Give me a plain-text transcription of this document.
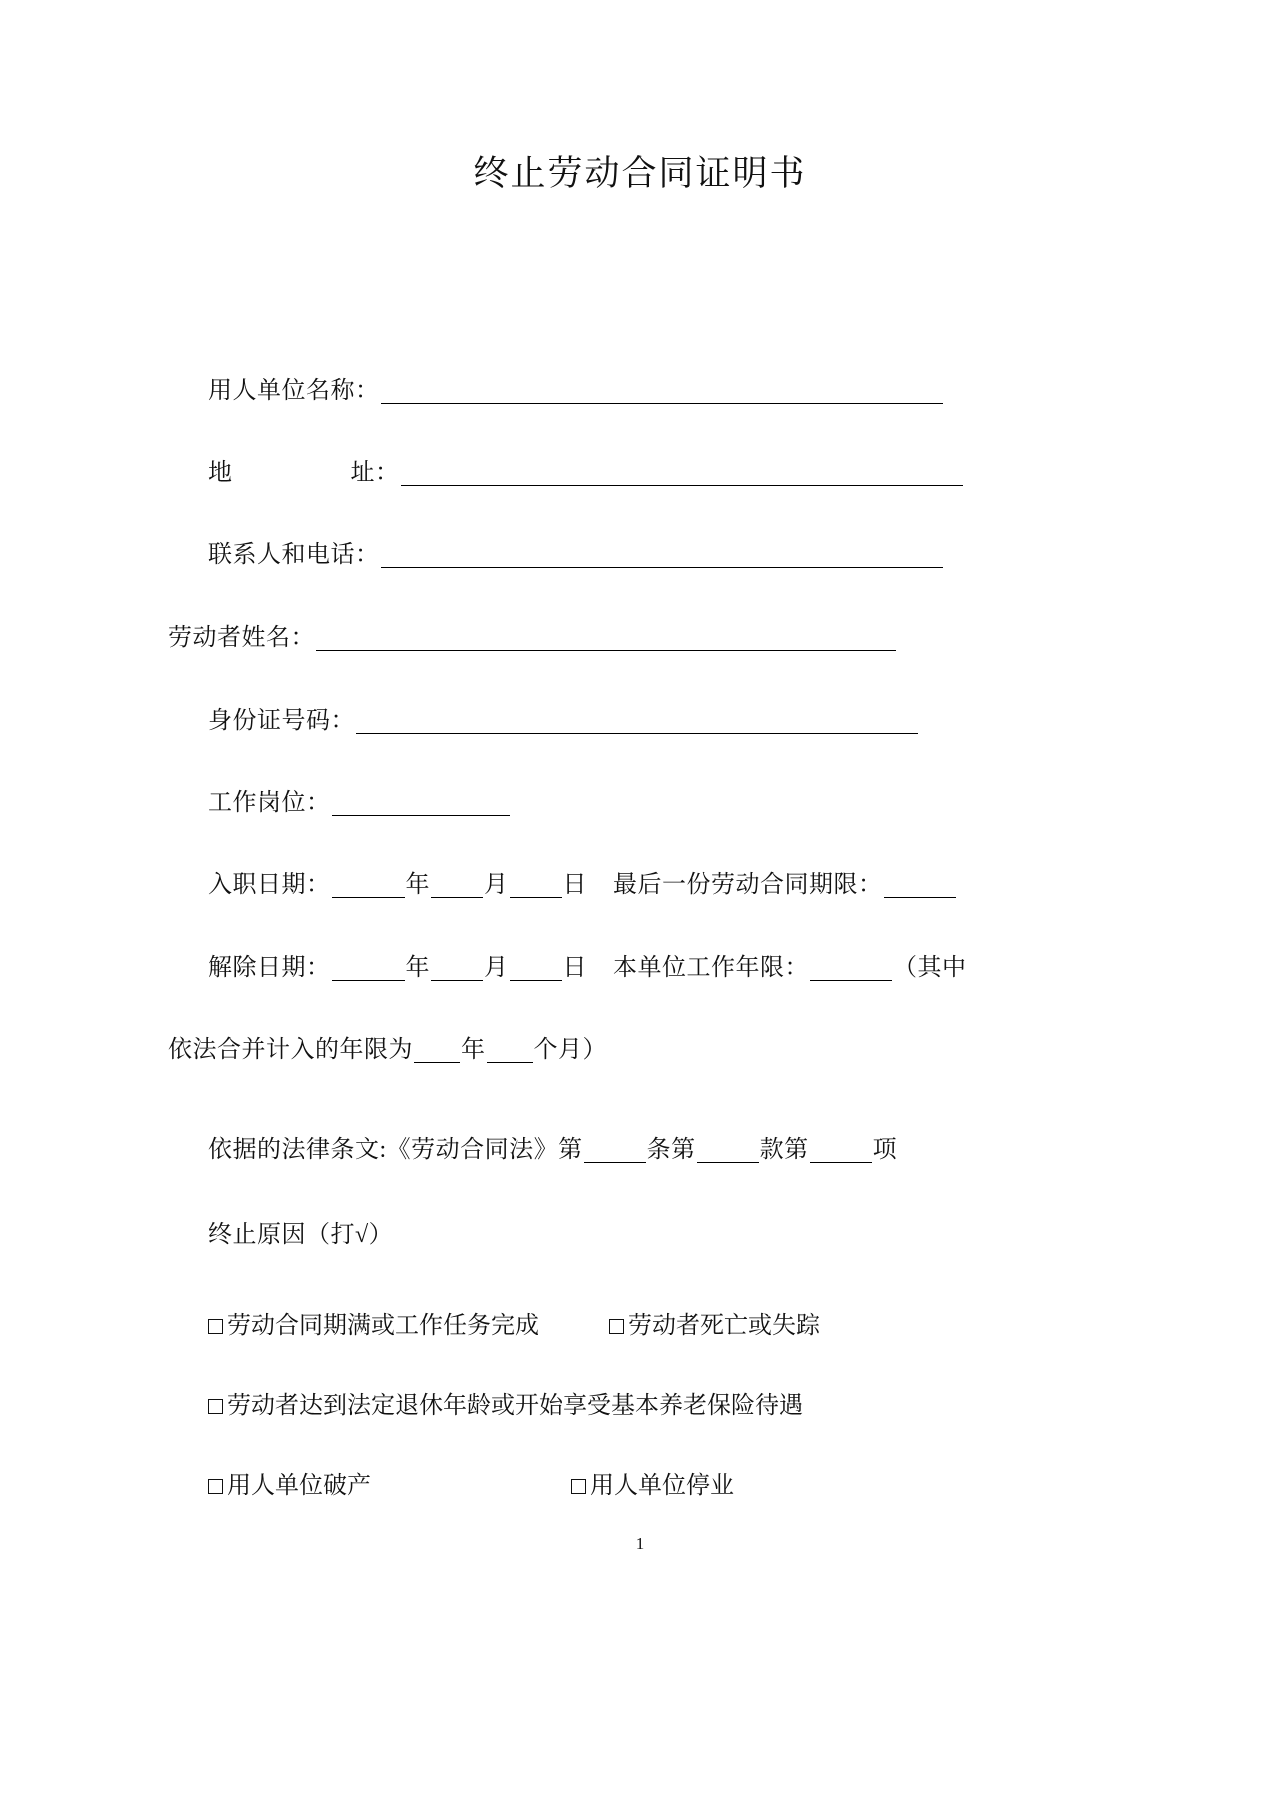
终止劳动合同证明书
用人单位名称：
地	址：
联系人和电话：
劳动者姓名：
身份证号码：
工作岗位：
入职日期：	年 月 日 最后一份劳动合同期限：
解除日期：	年 月 日 本单位工作年限：	（其中
依法合并计入的年限为 年 个月）
依据的法律条文:《劳动合同法》第	条第	款第	项
终止原因（打√）
劳动合同期满或工作任务完成	劳动者死亡或失踪
劳动者达到法定退休年龄或开始享受基本养老保险待遇
用人单位破产	用人单位停业
1
